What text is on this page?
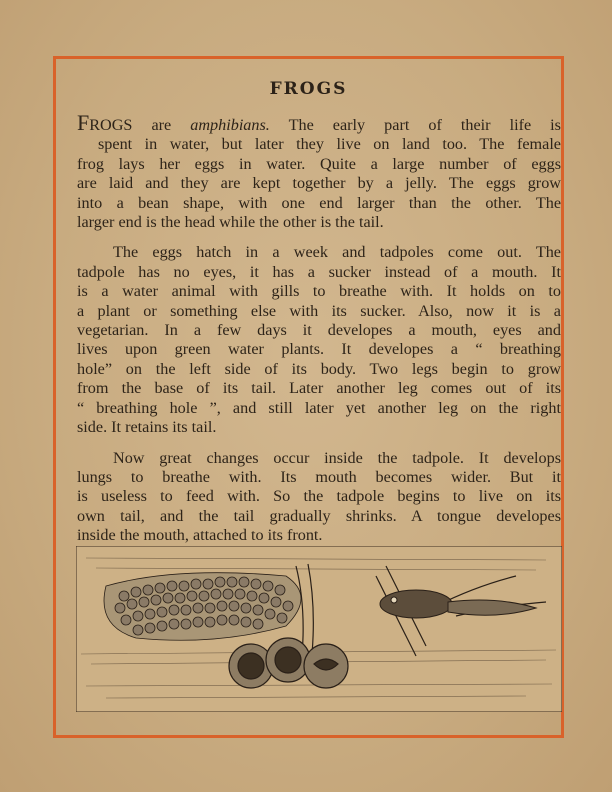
FROGS

FROGS are amphibians. The early part of their life is
spent in water, but later they live on land too. The female
frog lays her eggs in water. Quite a large number of eggs
are laid and they are kept together by a jelly. The eggs grow
into a bean shape, with one end larger than the other. The
larger end is the head while the other is the tail.

The eggs hatch in a week and tadpoles come out. The
tadpole has no eyes, it has a sucker instead of a mouth. It
is a water animal with gills to breathe with. It holds on to
a plant or something else with its sucker. Also, now it is a
vegetarian. In a few days it developes a mouth, eyes and
lives upon green water plants. It developes a “ breathing
hole” on the left side of its body. Two legs begin to grow
from the base of its tail. Later another leg comes out of its
“ breathing hole ”, and still later yet another leg on the right
side. It retains its tail.

Now great changes occur inside the tadpole. It develops
lungs to breathe with. Its mouth becomes wider. But it
is useless to feed with. So the tadpole begins to live on its
own tail, and the tail gradually shrinks. A tongue developes
inside the mouth, attached to its front.
